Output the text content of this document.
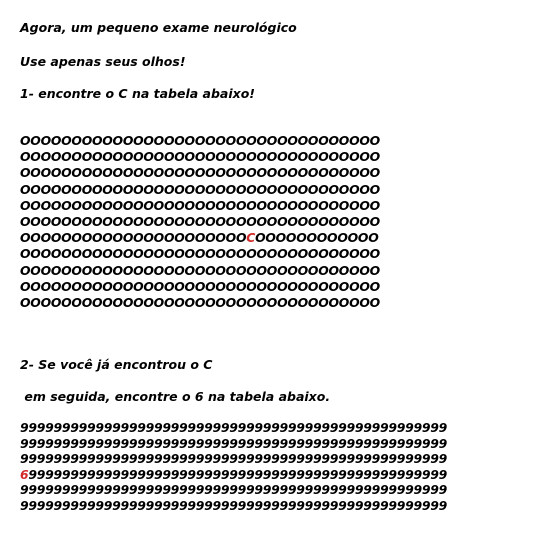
Agora, um pequeno exame neurológico
Use apenas seus olhos!
1- encontre o C na tabela abaixo!
OOOOOOOOOOOOOOOOOOOOOOOOOOOOOOOOOOO
OOOOOOOOOOOOOOOOOOOOOOOOOOOOOOOOOOO
OOOOOOOOOOOOOOOOOOOOOOOOOOOOOOOOOOO
OOOOOOOOOOOOOOOOOOOOOOOOOOOOOOOOOOO
OOOOOOOOOOOOOOOOOOOOOOOOOOOOOOOOOOO
OOOOOOOOOOOOOOOOOOOOOOOOOOOOOOOOOOO
OOOOOOOOOOOOOOOOOOOOOOCOOOOOOOOOOOO
OOOOOOOOOOOOOOOOOOOOOOOOOOOOOOOOOOO
OOOOOOOOOOOOOOOOOOOOOOOOOOOOOOOOOOO
OOOOOOOOOOOOOOOOOOOOOOOOOOOOOOOOOOO
OOOOOOOOOOOOOOOOOOOOOOOOOOOOOOOOOOO
2- Se você já encontrou o C
em seguida, encontre o 6 na tabela abaixo.
999999999999999999999999999999999999999999999999999
999999999999999999999999999999999999999999999999999
999999999999999999999999999999999999999999999999999
699999999999999999999999999999999999999999999999999
999999999999999999999999999999999999999999999999999
999999999999999999999999999999999999999999999999999
